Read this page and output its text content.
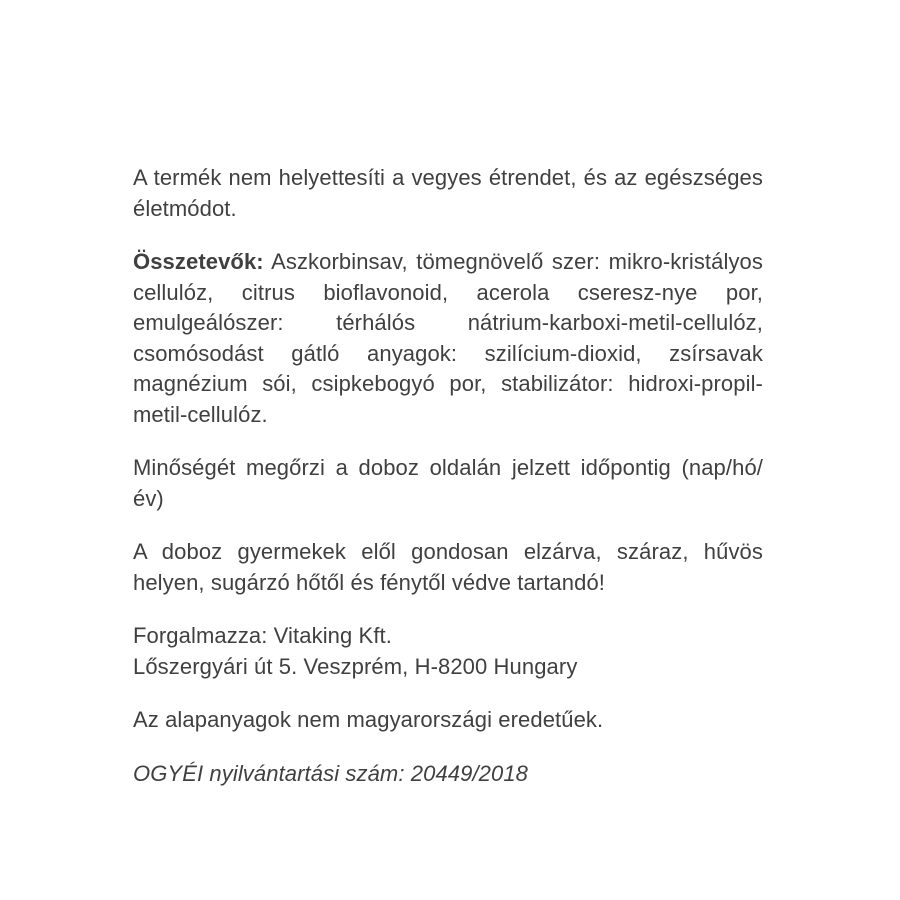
A termék nem helyettesíti a vegyes étrendet, és az egészséges életmódot.

Összetevők: Aszkorbinsav, tömegnövelő szer: mikro-kristályos cellulóz, citrus bioflavonoid, acerola cseresz-nye por, emulgeálószer: térhálós nátrium-karboxi-metil-cellulóz, csomósodást gátló anyagok: szilícium-dioxid, zsírsavak magnézium sói, csipkebogyó por, stabilizátor: hidroxi-propil-metil-cellulóz.

Minőségét megőrzi a doboz oldalán jelzett időpontig (nap/hó/év)

A doboz gyermekek elől gondosan elzárva, száraz, hűvös helyen, sugárzó hőtől és fénytől védve tartandó!

Forgalmazza: Vitaking Kft.
Lőszergyári út 5. Veszprém, H-8200 Hungary

Az alapanyagok nem magyarországi eredetűek.

OGYÉI nyilvántartási szám: 20449/2018
